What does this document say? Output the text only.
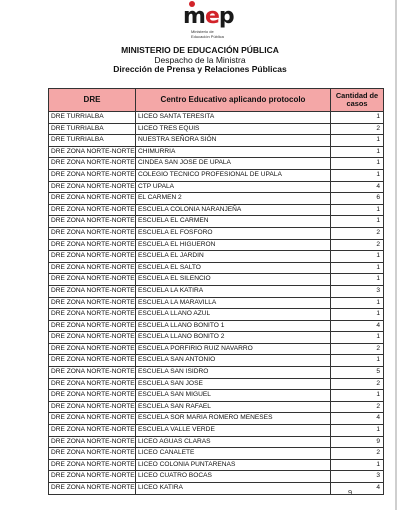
mep
Ministerio de
Educación Pública
MINISTERIO DE EDUCACIÓN PÚBLICA
Despacho de la Ministra
Dirección de Prensa y Relaciones Públicas
DRE	Centro Educativo aplicando protocolo	Cantidad de casos
DRE TURRIALBA	LICEO SANTA TERESITA	1
DRE TURRIALBA	LICEO TRES EQUIS	2
DRE TURRIALBA	NUESTRA SEÑORA SIÓN	1
DRE ZONA NORTE-NORTE	CHIMURRIA	1
DRE ZONA NORTE-NORTE	CINDEA SAN JOSE DE UPALA	1
DRE ZONA NORTE-NORTE	COLEGIO TECNICO PROFESIONAL DE UPALA	1
DRE ZONA NORTE-NORTE	CTP UPALA	4
DRE ZONA NORTE-NORTE	EL CARMEN 2	6
DRE ZONA NORTE-NORTE	ESCUELA COLONIA NARANJEÑA	1
DRE ZONA NORTE-NORTE	ESCUELA EL CARMEN	1
DRE ZONA NORTE-NORTE	ESCUELA EL FOSFORO	2
DRE ZONA NORTE-NORTE	ESCUELA EL HIGUERON	2
DRE ZONA NORTE-NORTE	ESCUELA EL JARDIN	1
DRE ZONA NORTE-NORTE	ESCUELA EL SALTO	1
DRE ZONA NORTE-NORTE	ESCUELA EL SILENCIO	1
DRE ZONA NORTE-NORTE	ESCUELA LA KATIRA	3
DRE ZONA NORTE-NORTE	ESCUELA LA MARAVILLA	1
DRE ZONA NORTE-NORTE	ESCUELA LLANO AZUL	1
DRE ZONA NORTE-NORTE	ESCUELA LLANO BONITO 1	4
DRE ZONA NORTE-NORTE	ESCUELA LLANO BONITO 2	1
DRE ZONA NORTE-NORTE	ESCUELA PORFIRIO RUIZ NAVARRO	2
DRE ZONA NORTE-NORTE	ESCUELA SAN ANTONIO	1
DRE ZONA NORTE-NORTE	ESCUELA SAN ISIDRO	5
DRE ZONA NORTE-NORTE	ESCUELA SAN JOSE	2
DRE ZONA NORTE-NORTE	ESCUELA SAN MIGUEL	1
DRE ZONA NORTE-NORTE	ESCUELA SAN RAFAEL	2
DRE ZONA NORTE-NORTE	ESCUELA SOR MARIA ROMERO MENESES	4
DRE ZONA NORTE-NORTE	ESCUELA VALLE VERDE	1
DRE ZONA NORTE-NORTE	LICEO AGUAS CLARAS	9
DRE ZONA NORTE-NORTE	LICEO CANALETE	2
DRE ZONA NORTE-NORTE	LICEO COLONIA PUNTARENAS	1
DRE ZONA NORTE-NORTE	LICEO CUATRO BOCAS	3
DRE ZONA NORTE-NORTE	LICEO KATIRA	4
9
